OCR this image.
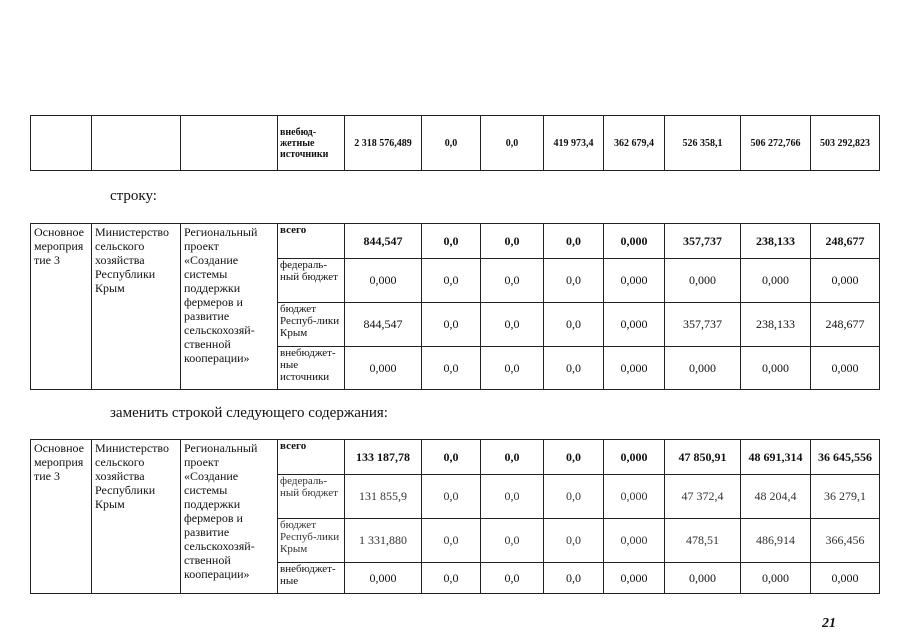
			внебюд-
жетные
источники	2 318 576,489	0,0	0,0	419 973,4	362 679,4	526 358,1	506 272,766	503 292,823
строку:
Основное мероприя тие 3	Министерство сельского хозяйства Республики Крым	Региональный проект «Создание системы поддержки фермеров и развитие сельскохозяй-ственной кооперации»	всего	844,547	0,0	0,0	0,0	0,000	357,737	238,133	248,677
			федераль-ный бюджет	0,000	0,0	0,0	0,0	0,000	0,000	0,000	0,000
			бюджет Респуб-лики Крым	844,547	0,0	0,0	0,0	0,000	357,737	238,133	248,677
			внебюджет-ные источники	0,000	0,0	0,0	0,0	0,000	0,000	0,000	0,000
заменить строкой следующего содержания:
Основное мероприя тие 3	Министерство сельского хозяйства Республики Крым	Региональный проект «Создание системы поддержки фермеров и развитие сельскохозяй-ственной кооперации»	всего	133 187,78	0,0	0,0	0,0	0,000	47 850,91	48 691,314	36 645,556
			федераль-ный бюджет	131 855,9	0,0	0,0	0,0	0,000	47 372,4	48 204,4	36 279,1
			бюджет Респуб-лики Крым	1 331,880	0,0	0,0	0,0	0,000	478,51	486,914	366,456
			внебюджет-ные	0,000	0,0	0,0	0,0	0,000	0,000	0,000	0,000
21
